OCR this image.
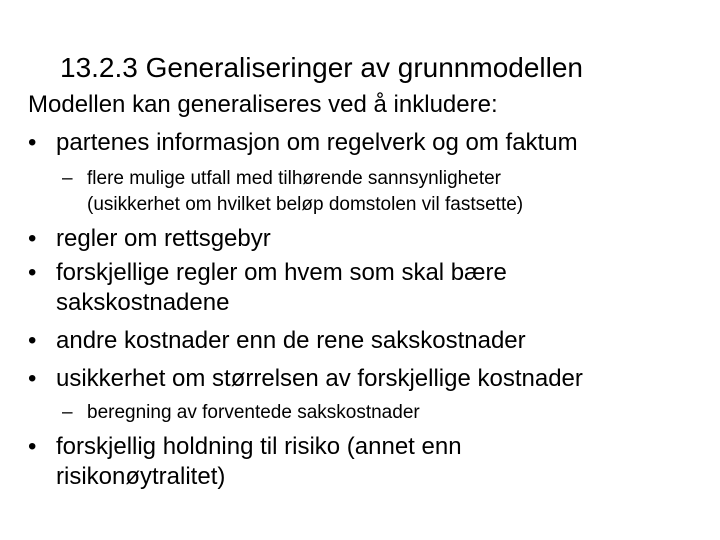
13.2.3 Generaliseringer av grunnmodellen
Modellen kan generaliseres ved å inkludere:
• partenes informasjon om regelverk og om faktum
– flere mulige utfall med tilhørende sannsynligheter
(usikkerhet om hvilket beløp domstolen vil fastsette)
• regler om rettsgebyr
• forskjellige regler om hvem som skal bære
sakskostnadene
• andre kostnader enn de rene sakskostnader
• usikkerhet om størrelsen av forskjellige kostnader
– beregning av forventede sakskostnader
• forskjellig holdning til risiko (annet enn
risikonøytralitet)
